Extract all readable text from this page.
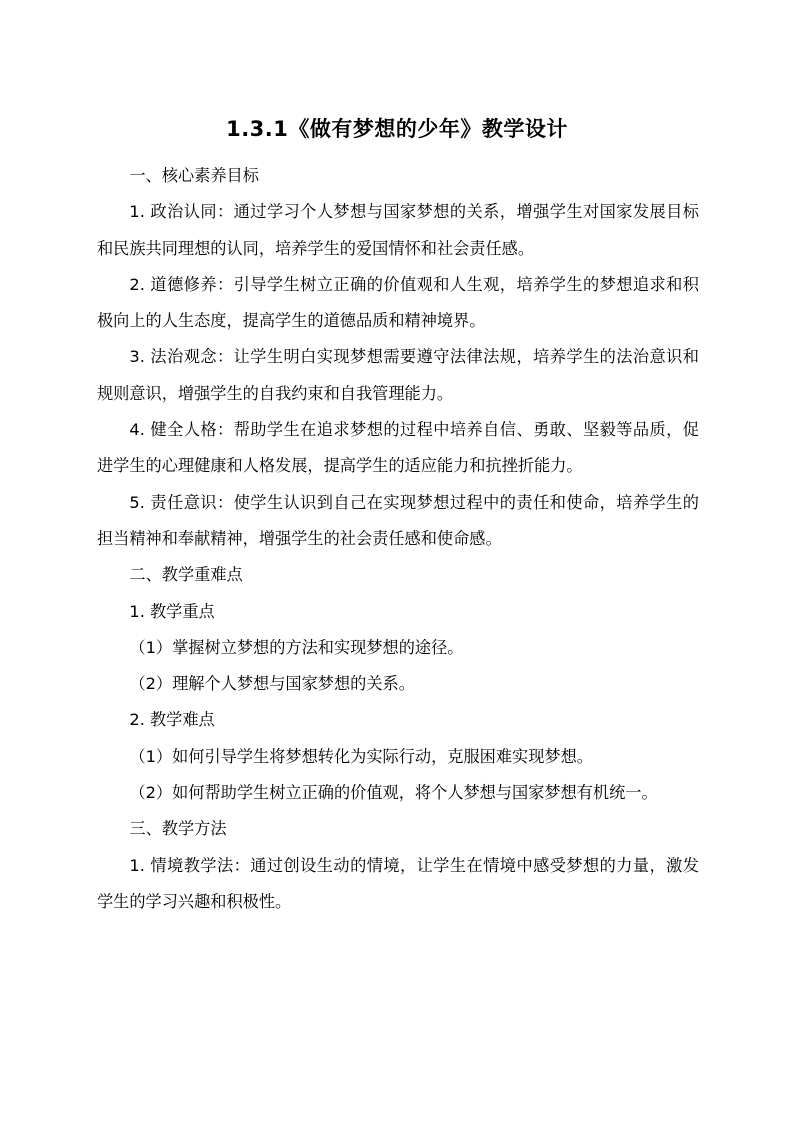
1.3.1《做有梦想的少年》教学设计

一、核心素养目标

1. 政治认同：通过学习个人梦想与国家梦想的关系，增强学生对国家发展目标和民族共同理想的认同，培养学生的爱国情怀和社会责任感。

2. 道德修养：引导学生树立正确的价值观和人生观，培养学生的梦想追求和积极向上的人生态度，提高学生的道德品质和精神境界。

3. 法治观念：让学生明白实现梦想需要遵守法律法规，培养学生的法治意识和规则意识，增强学生的自我约束和自我管理能力。

4. 健全人格：帮助学生在追求梦想的过程中培养自信、勇敢、坚毅等品质，促进学生的心理健康和人格发展，提高学生的适应能力和抗挫折能力。

5. 责任意识：使学生认识到自己在实现梦想过程中的责任和使命，培养学生的担当精神和奉献精神，增强学生的社会责任感和使命感。

二、教学重难点

1. 教学重点

（1）掌握树立梦想的方法和实现梦想的途径。

（2）理解个人梦想与国家梦想的关系。

2. 教学难点

（1）如何引导学生将梦想转化为实际行动，克服困难实现梦想。

（2）如何帮助学生树立正确的价值观，将个人梦想与国家梦想有机统一。

三、教学方法

1. 情境教学法：通过创设生动的情境，让学生在情境中感受梦想的力量，激发学生的学习兴趣和积极性。
